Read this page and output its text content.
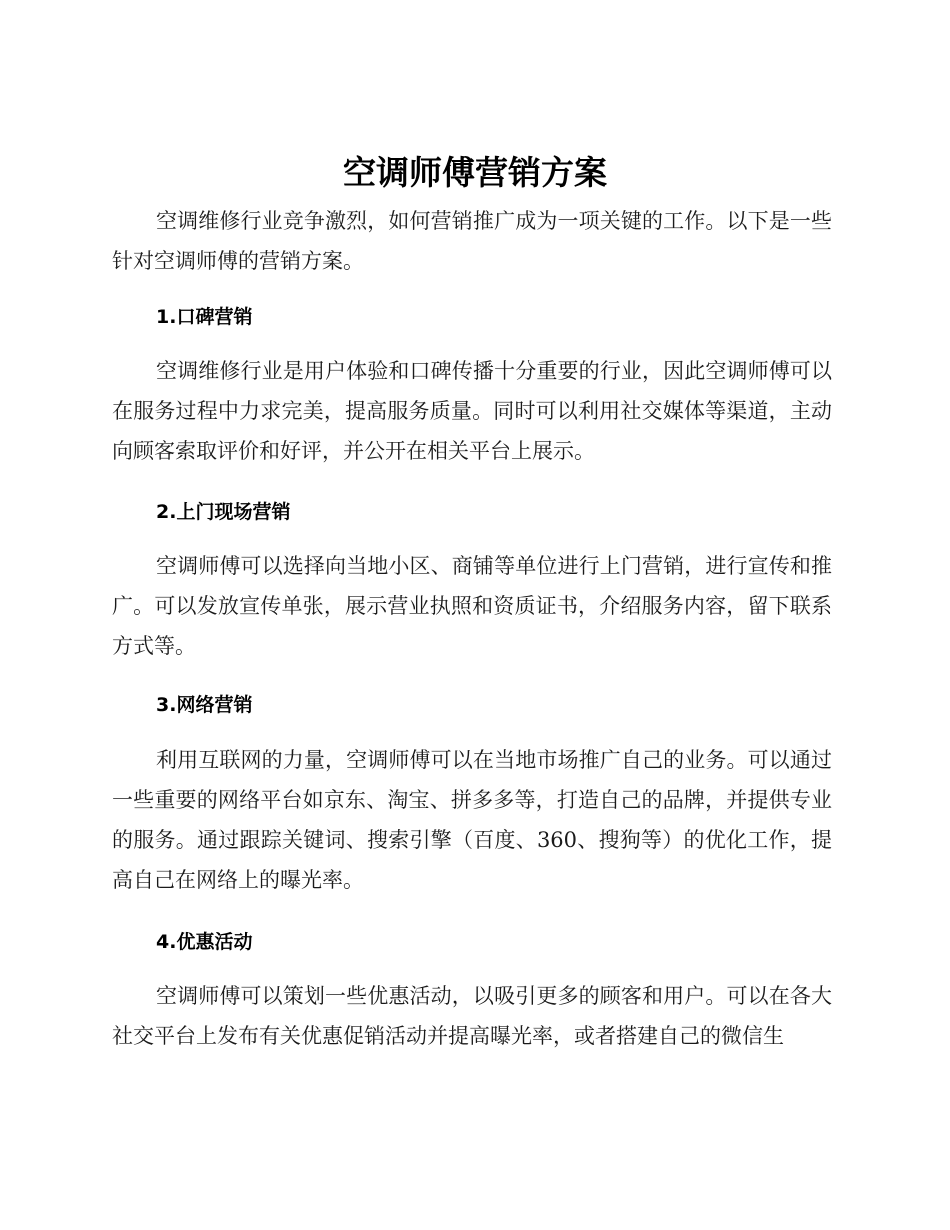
空调师傅营销方案

空调维修行业竞争激烈，如何营销推广成为一项关键的工作。以下是一些针对空调师傅的营销方案。

1.口碑营销

空调维修行业是用户体验和口碑传播十分重要的行业，因此空调师傅可以在服务过程中力求完美，提高服务质量。同时可以利用社交媒体等渠道，主动向顾客索取评价和好评，并公开在相关平台上展示。

2.上门现场营销

空调师傅可以选择向当地小区、商铺等单位进行上门营销，进行宣传和推广。可以发放宣传单张，展示营业执照和资质证书，介绍服务内容，留下联系方式等。

3.网络营销

利用互联网的力量，空调师傅可以在当地市场推广自己的业务。可以通过一些重要的网络平台如京东、淘宝、拼多多等，打造自己的品牌，并提供专业的服务。通过跟踪关键词、搜索引擎（百度、360、搜狗等）的优化工作，提高自己在网络上的曝光率。

4.优惠活动

空调师傅可以策划一些优惠活动，以吸引更多的顾客和用户。可以在各大社交平台上发布有关优惠促销活动并提高曝光率，或者搭建自己的微信生
